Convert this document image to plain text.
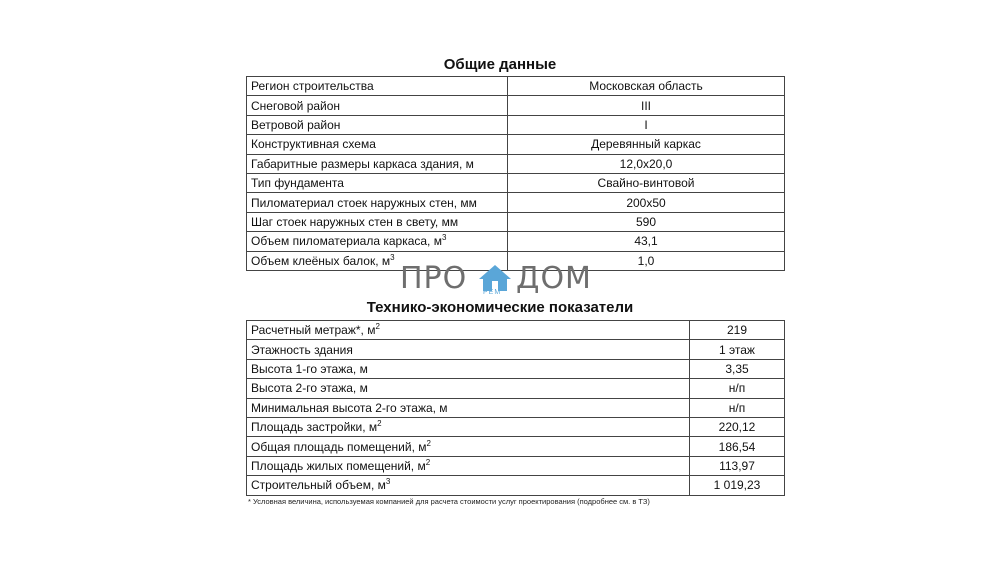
Общие данные
Регион строительства	Московская область
Снеговой район	III
Ветровой район	I
Конструктивная схема	Деревянный каркас
Габаритные размеры каркаса здания, м	12,0х20,0
Тип фундамента	Свайно-винтовой
Пиломатериал стоек наружных стен, мм	200х50
Шаг стоек наружных стен в свету, мм	590
Объем пиломатериала каркаса, $м^3$	43,1
Объем клеёных балок, $м^3$	1,0
ПРО РЕМ ДОМ
Технико-экономические показатели
Расчетный метраж*, $м^2$	219
Этажность здания	1 этаж
Высота 1-го этажа, м	3,35
Высота 2-го этажа, м	н/п
Минимальная высота 2-го этажа, м	н/п
Площадь застройки, $м^2$	220,12
Общая площадь помещений, $м^2$	186,54
Площадь жилых помещений, $м^2$	113,97
Строительный объем, $м^3$	1 019,23
* Условная величина, используемая компанией для расчета стоимости услуг проектирования (подробнее см. в ТЗ)
